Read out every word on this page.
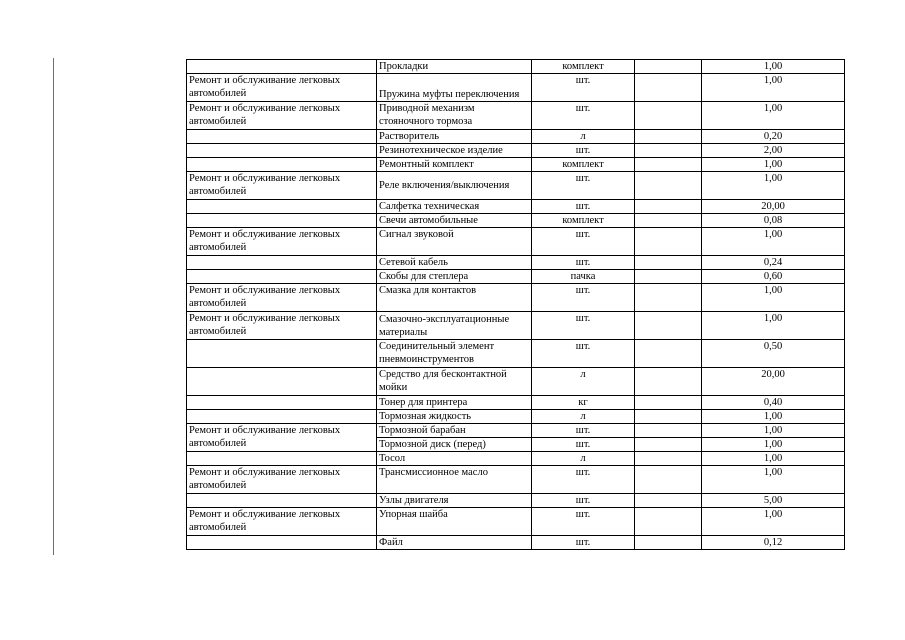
	Прокладки	комплект		1,00
Ремонт и обслуживание легковых автомобилей	Пружина муфты переключения	шт.		1,00
Ремонт и обслуживание легковых автомобилей	Приводной механизм стояночного тормоза	шт.		1,00
	Растворитель	л		0,20
	Резинотехническое изделие	шт.		2,00
	Ремонтный комплект	комплект		1,00
Ремонт и обслуживание легковых автомобилей	Реле включения/выключения	шт.		1,00
	Салфетка техническая	шт.		20,00
	Свечи автомобильные	комплект		0,08
Ремонт и обслуживание легковых автомобилей	Сигнал звуковой	шт.		1,00
	Сетевой кабель	шт.		0,24
	Скобы для степлера	пачка		0,60
Ремонт и обслуживание легковых автомобилей	Смазка для контактов	шт.		1,00
Ремонт и обслуживание легковых автомобилей	Смазочно-эксплуатационные материалы	шт.		1,00
	Соединительный элемент пневмоинструментов	шт.		0,50
	Средство для бесконтактной мойки	л		20,00
	Тонер для принтера	кг		0,40
	Тормозная жидкость	л		1,00
Ремонт и обслуживание легковых автомобилей	Тормозной барабан	шт.		1,00
	Тормозной диск (перед)	шт.		1,00
	Тосол	л		1,00
Ремонт и обслуживание легковых автомобилей	Трансмиссионное масло	шт.		1,00
	Узлы двигателя	шт.		5,00
Ремонт и обслуживание легковых автомобилей	Упорная шайба	шт.		1,00
	Файл	шт.		0,12
